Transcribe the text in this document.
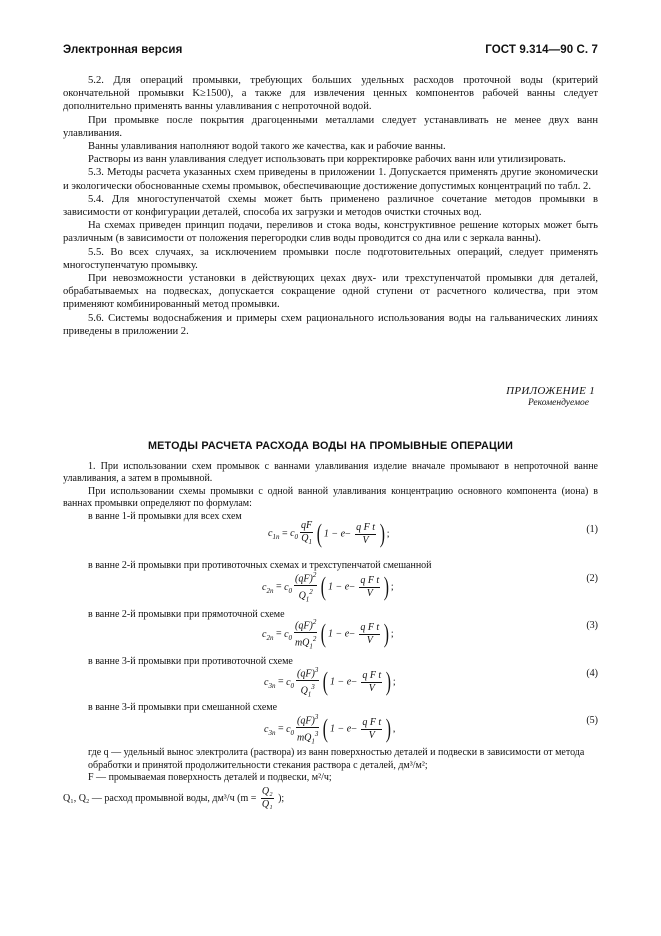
Электронная версия	ГОСТ 9.314—90 С. 7

5.2. Для операций промывки, требующих больших удельных расходов проточной воды (критерий окончательной промывки K≥1500), а также для извлечения ценных компонентов рабочей ванны следует дополнительно применять ванны улавливания с непроточной водой.

При промывке после покрытия драгоценными металлами следует устанавливать не менее двух ванн улавливания.

Ванны улавливания наполняют водой такого же качества, как и рабочие ванны.

Растворы из ванн улавливания следует использовать при корректировке рабочих ванн или утилизировать.

5.3. Методы расчета указанных схем приведены в приложении 1. Допускается применять другие экономически и экологически обоснованные схемы промывок, обеспечивающие достижение допустимых концентраций по табл. 2.

5.4. Для многоступенчатой схемы может быть применено различное сочетание методов промывки в зависимости от конфигурации деталей, способа их загрузки и методов очистки сточных вод.

На схемах приведен принцип подачи, переливов и стока воды, конструктивное решение которых может быть различным (в зависимости от положения перегородки слив воды проводится со дна или с зеркала ванны).

5.5. Во всех случаях, за исключением промывки после подготовительных операций, следует применять многоступенчатую промывку.

При невозможности установки в действующих цехах двух- или трехступенчатой промывки для деталей, обрабатываемых на подвесках, допускается сокращение одной ступени от расчетного количества, при этом применяют комбинированный метод промывки.

5.6. Системы водоснабжения и примеры схем рационального использования воды на гальванических линиях приведены в приложении 2.

ПРИЛОЖЕНИЕ 1
Рекомендуемое
МЕТОДЫ РАСЧЕТА РАСХОДА ВОДЫ НА ПРОМЫВНЫЕ ОПЕРАЦИИ

1. При использовании схем промывок с ваннами улавливания изделие вначале промывают в непроточной ванне улавливания, а затем в промывной.

При использовании схемы промывки с одной ванной улавливания концентрацию основного компонента (иона) в ваннах промывки определяют по формулам:

в ванне 1-й промывки для всех схем
в ванне 2-й промывки при противоточных схемах и трехступенчатой смешанной
в ванне 2-й промывки при прямоточной схеме
в ванне 3-й промывки при противоточной схеме
в ванне 3-й промывки при смешанной схеме
$c_{1п} = c_0 \frac{qF}{Q_1}$ ( $1 - e- \frac{\text{q F t}}{V}$ ) ;	(1)
$c_{2п} = c_0 \frac{(qF)^2}{Q_1^2}$ ( $1 - e- \frac{\text{q F t}}{V}$ ) ;
(2)
$c_{2п} = c_0 \frac{(qF)^2}{mQ_1^2}$ ( $1 - e- \frac{\text{q F t}}{V}$ ) ;
(3)
$c_{3п} = c_0 \frac{(qF)^3}{Q_1^3}$ ( $1 - e- \frac{\text{q F t}}{V}$ ) ;
(4)
$c_{3п} = c_0 \frac{(qF)^3}{mQ_1^3}$ ( $1 - e- \frac{\text{q F t}}{V}$ ) ,
(5)
где q — удельный вынос электролита (раствора) из ванн поверхностью деталей и подвески в зависимости от метода обработки и принятой продолжительности стекания раствора с деталей, дм³/м²;
F — промываемая поверхность деталей и подвески, м²/ч;
Q₁, Q₂ — расход промывной воды, дм³/ч ($m = \frac{\text{Q₂}}{\text{Q₁}}$ );
